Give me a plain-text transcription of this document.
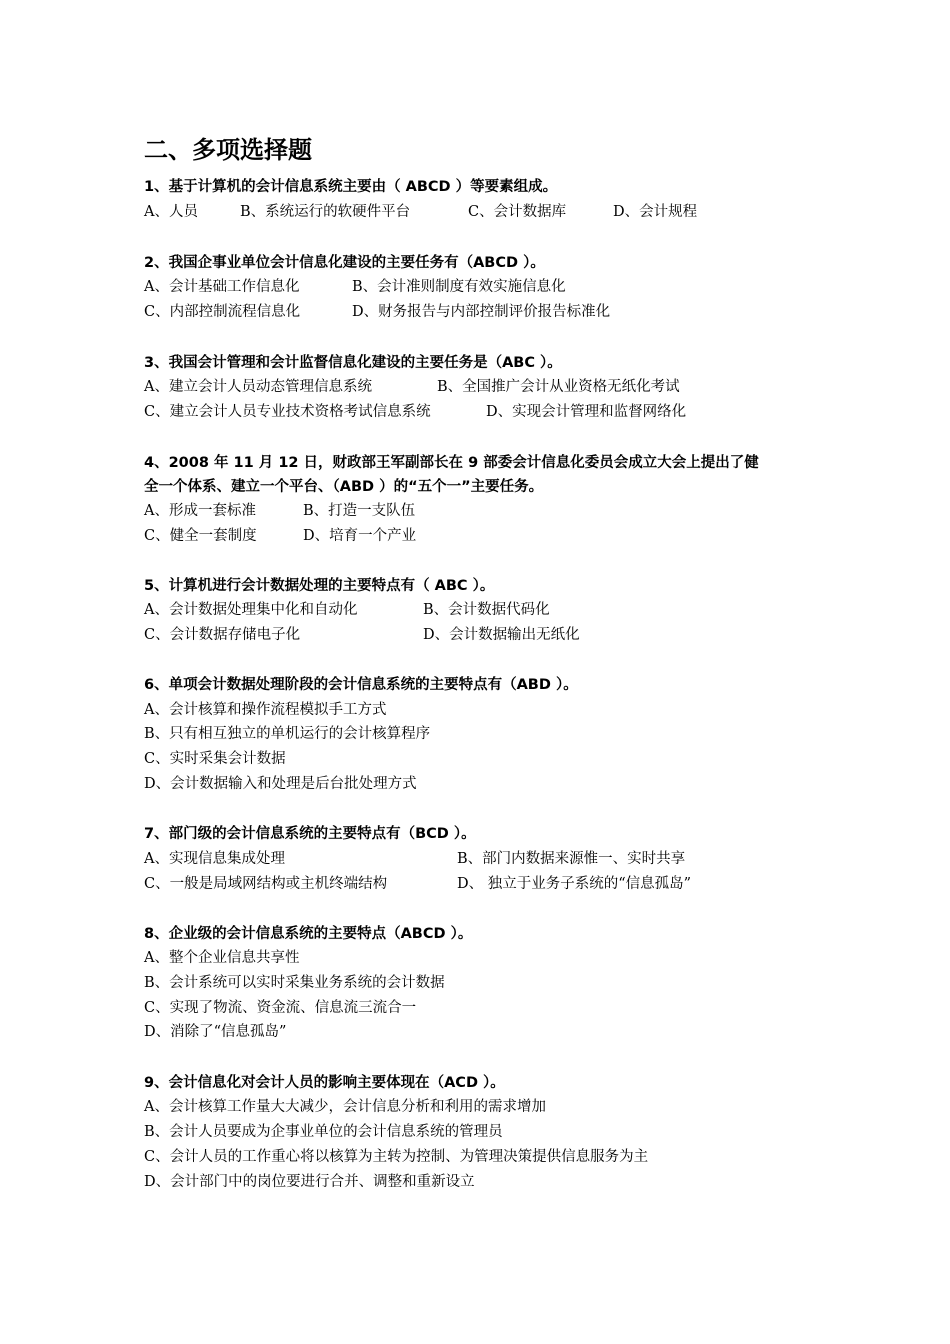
二、多项选择题
1、基于计算机的会计信息系统主要由（ ABCD ）等要素组成。
A、人员	B、系统运行的软硬件平台	C、会计数据库	D、会计规程
2、我国企事业单位会计信息化建设的主要任务有（ABCD ）。
A、会计基础工作信息化	B、会计准则制度有效实施信息化
C、内部控制流程信息化	D、财务报告与内部控制评价报告标准化
3、我国会计管理和会计监督信息化建设的主要任务是（ABC ）。
A、建立会计人员动态管理信息系统	B、全国推广会计从业资格无纸化考试
C、建立会计人员专业技术资格考试信息系统	D、实现会计管理和监督网络化
4、2008 年 11 月 12 日，财政部王军副部长在 9 部委会计信息化委员会成立大会上提出了健
全一个体系、建立一个平台、（ABD ）的“五个一”主要任务。
A、形成一套标准	B、打造一支队伍
C、健全一套制度	D、培育一个产业
5、计算机进行会计数据处理的主要特点有（ ABC ）。
A、会计数据处理集中化和自动化	B、会计数据代码化
C、会计数据存储电子化	D、会计数据输出无纸化
6、单项会计数据处理阶段的会计信息系统的主要特点有（ABD ）。
A、会计核算和操作流程模拟手工方式
B、只有相互独立的单机运行的会计核算程序
C、实时采集会计数据
D、会计数据输入和处理是后台批处理方式
7、部门级的会计信息系统的主要特点有（BCD ）。
A、实现信息集成处理	B、部门内数据来源惟一、实时共享
C、一般是局域网结构或主机终端结构	D、 独立于业务子系统的“信息孤岛”
8、企业级的会计信息系统的主要特点（ABCD ）。
A、整个企业信息共享性
B、会计系统可以实时采集业务系统的会计数据
C、实现了物流、资金流、信息流三流合一
D、消除了“信息孤岛”
9、会计信息化对会计人员的影响主要体现在（ACD ）。
A、会计核算工作量大大减少，会计信息分析和利用的需求增加
B、会计人员要成为企事业单位的会计信息系统的管理员
C、会计人员的工作重心将以核算为主转为控制、为管理决策提供信息服务为主
D、会计部门中的岗位要进行合并、调整和重新设立
